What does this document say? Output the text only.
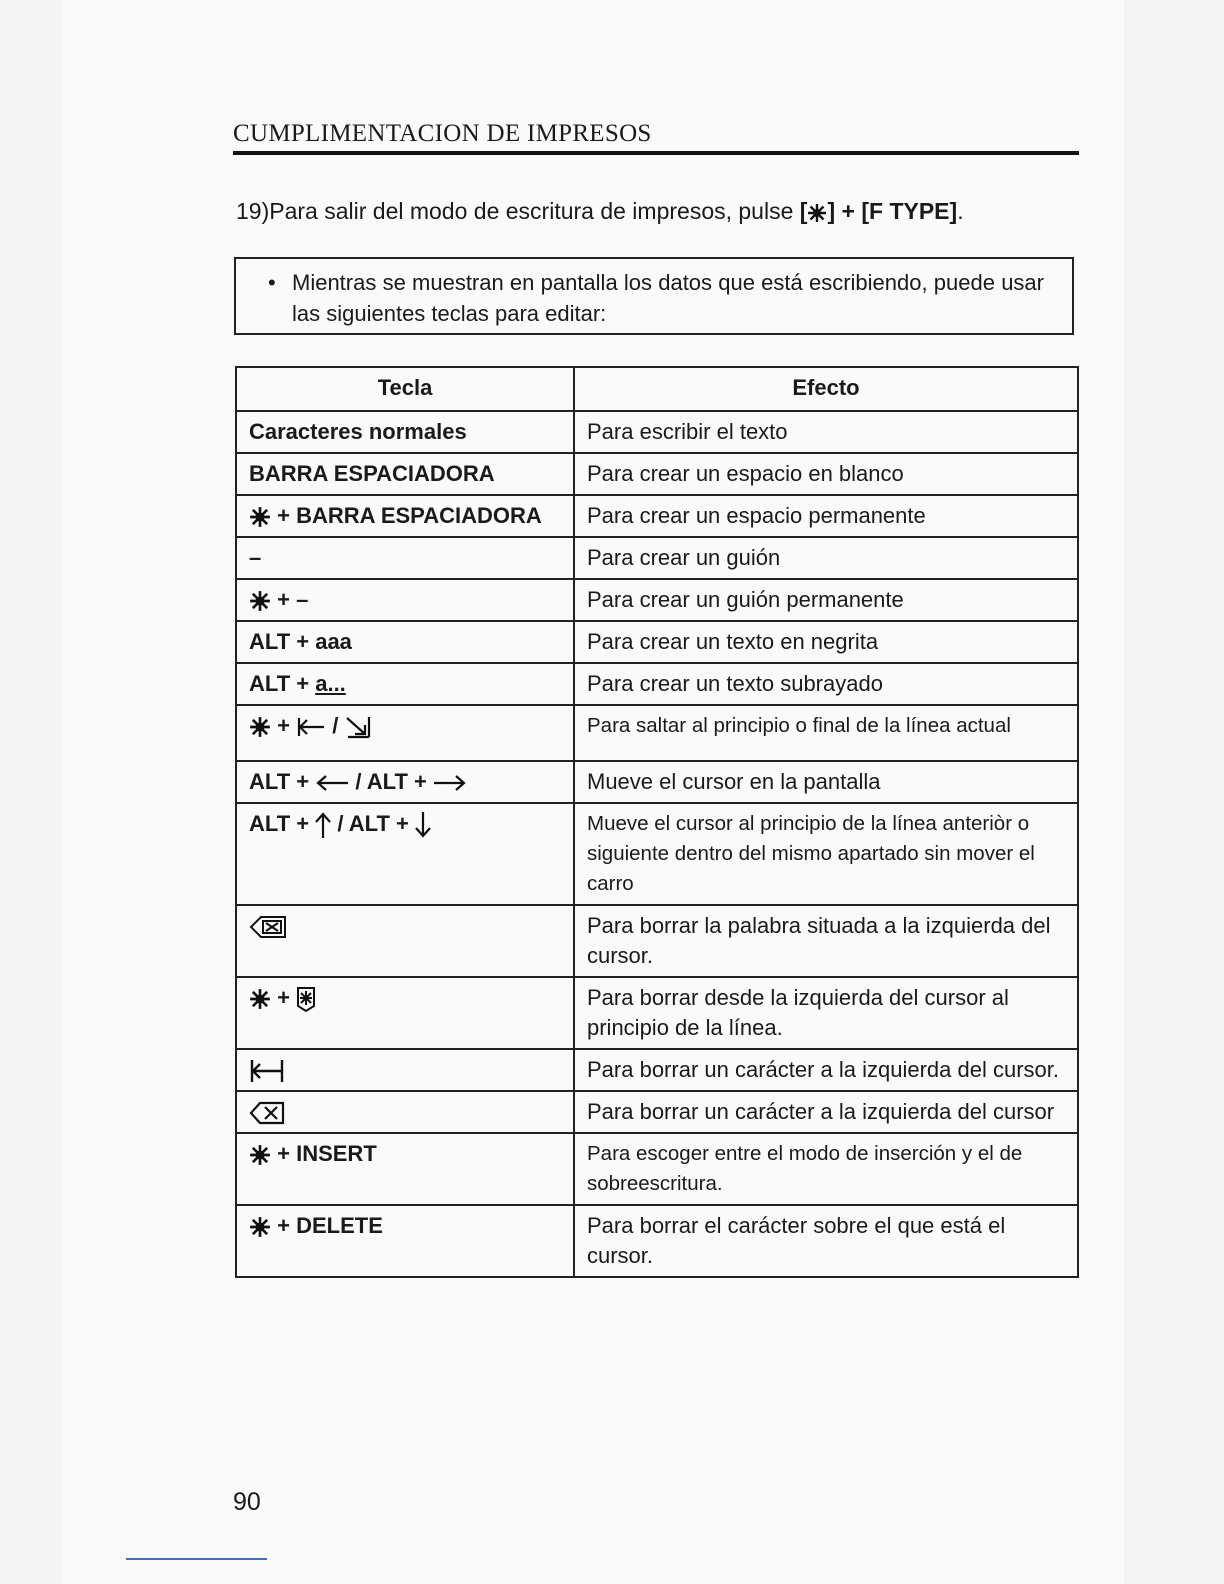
CUMPLIMENTACION DE IMPRESOS
19)Para salir del modo de escritura de impresos, pulse [ ] + [F TYPE].
• Mientras se muestran en pantalla los datos que está escribiendo, puede usar las siguientes teclas para editar:
Tecla	Efecto
Caracteres normales	Para escribir el texto
BARRA ESPACIADORA	Para crear un espacio en blanco

+ BARRA ESPACIADORA	Para crear un espacio permanente
–	Para crear un guión

+ –	Para crear un guión permanente
ALT + aaa	Para crear un texto en negrita
ALT + a...	Para crear un texto subrayado

+ /	Para saltar al principio o final de la línea actual
ALT + / ALT +	Mueve el cursor en la pantalla
ALT + / ALT +	Mueve el cursor al principio de la línea anteriòr o siguiente dentro del mismo apartado sin mover el carro

	Para borrar la palabra situada a la izquierda del cursor.

+	Para borrar desde la izquierda del cursor al principio de la línea.

	Para borrar un carácter a la izquierda del cursor.

	Para borrar un carácter a la izquierda del cursor

+ INSERT	Para escoger entre el modo de inserción y el de sobreescritura.

+ DELETE	Para borrar el carácter sobre el que está el cursor.
90
